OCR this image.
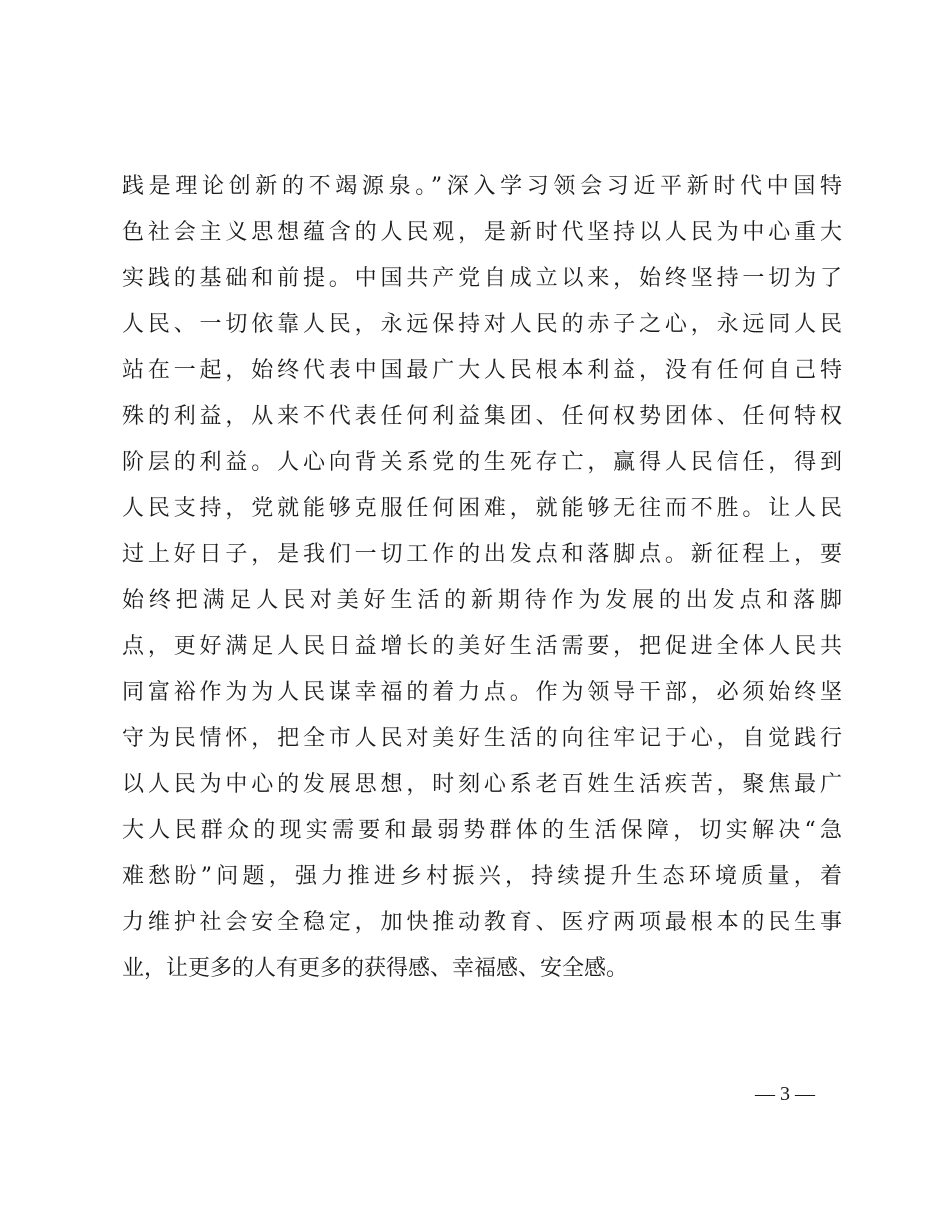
践是理论创新的不竭源泉。”深入学习领会习近平新时代中国特
色社会主义思想蕴含的人民观，是新时代坚持以人民为中心重大
实践的基础和前提。中国共产党自成立以来，始终坚持一切为了
人民、一切依靠人民，永远保持对人民的赤子之心，永远同人民
站在一起，始终代表中国最广大人民根本利益，没有任何自己特
殊的利益，从来不代表任何利益集团、任何权势团体、任何特权
阶层的利益。人心向背关系党的生死存亡，赢得人民信任，得到
人民支持，党就能够克服任何困难，就能够无往而不胜。让人民
过上好日子，是我们一切工作的出发点和落脚点。新征程上，要
始终把满足人民对美好生活的新期待作为发展的出发点和落脚
点，更好满足人民日益增长的美好生活需要，把促进全体人民共
同富裕作为为人民谋幸福的着力点。作为领导干部，必须始终坚
守为民情怀，把全市人民对美好生活的向往牢记于心，自觉践行
以人民为中心的发展思想，时刻心系老百姓生活疾苦，聚焦最广
大人民群众的现实需要和最弱势群体的生活保障，切实解决“急
难愁盼”问题，强力推进乡村振兴，持续提升生态环境质量，着
力维护社会安全稳定，加快推动教育、医疗两项最根本的民生事
业，让更多的人有更多的获得感、幸福感、安全感。
— 3 —
